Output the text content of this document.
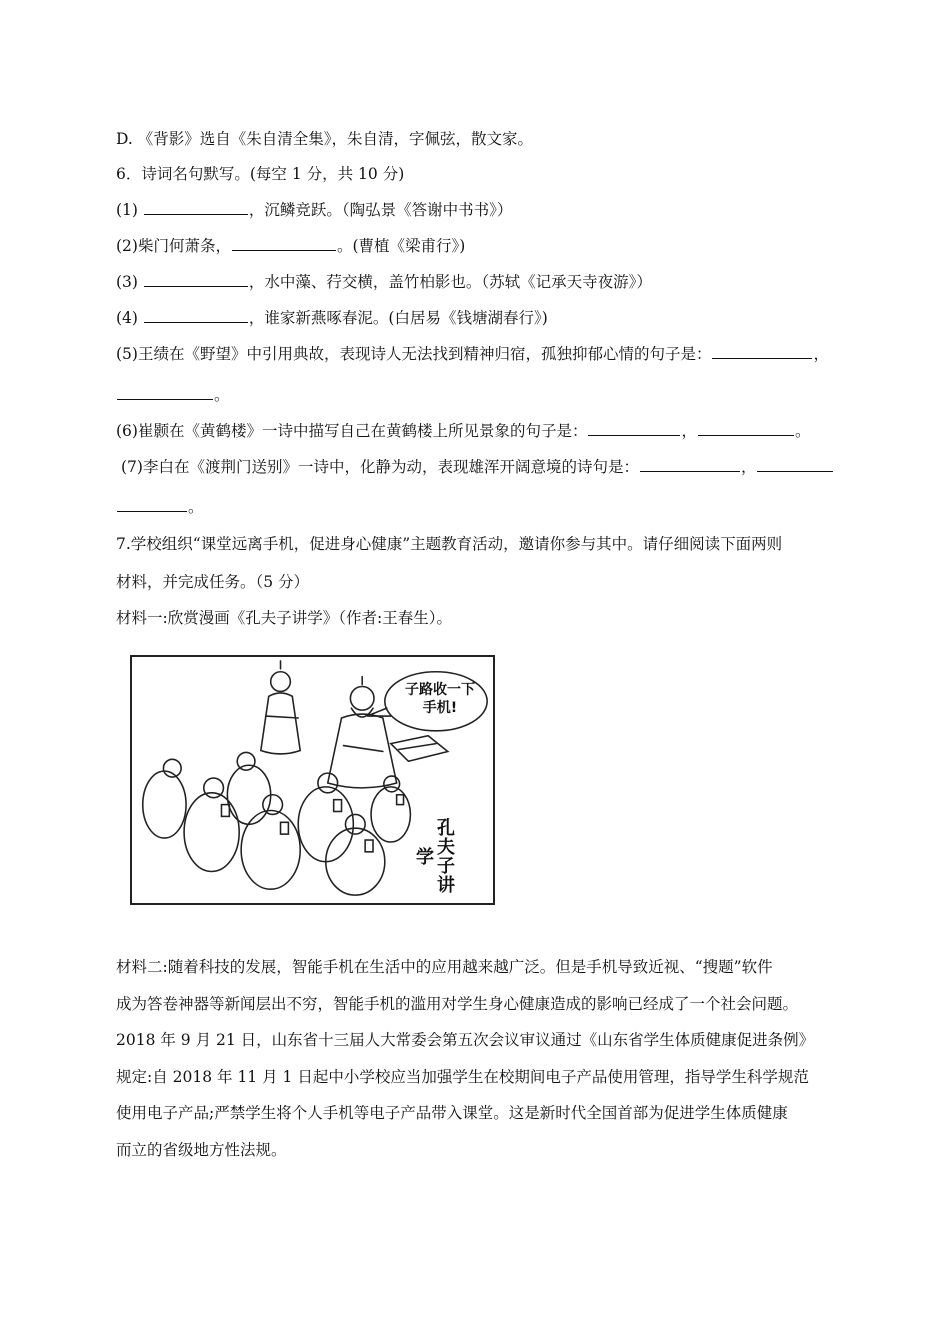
D. 《背影》选自《朱自清全集》，朱自清，字佩弦，散文家。
6．诗词名句默写。(每空 1 分，共 10 分)
(1)	，沉鳞竞跃。（陶弘景《答谢中书书》）
(2)柴门何萧条，	。(曹植《梁甫行》)
(3)	，水中藻、荇交横，盖竹柏影也。（苏轼《记承天寺夜游》）
(4)	，谁家新燕啄春泥。(白居易《钱塘湖春行》)
(5)王绩在《野望》中引用典故，表现诗人无法找到精神归宿，孤独抑郁心情的句子是：	，
。
(6)崔颢在《黄鹤楼》一诗中描写自己在黄鹤楼上所见景象的句子是：	，	。
(7)李白在《渡荆门送别》一诗中，化静为动，表现雄浑开阔意境的诗句是：	，
。
7.学校组织“课堂远离手机，促进身心健康”主题教育活动，邀请你参与其中。请仔细阅读下面两则
材料，并完成任务。（5 分）
材料一:欣赏漫画《孔夫子讲学》（作者:王春生）。
子路收一下手机!
孔夫子讲学
材料二:随着科技的发展，智能手机在生活中的应用越来越广泛。但是手机导致近视、“搜题”软件
成为答卷神器等新闻层出不穷，智能手机的滥用对学生身心健康造成的影响已经成了一个社会问题。
2018 年 9 月 21 日，山东省十三届人大常委会第五次会议审议通过《山东省学生体质健康促进条例》
规定:自 2018 年 11 月 1 日起中小学校应当加强学生在校期间电子产品使用管理，指导学生科学规范
使用电子产品;严禁学生将个人手机等电子产品带入课堂。这是新时代全国首部为促进学生体质健康
而立的省级地方性法规。
